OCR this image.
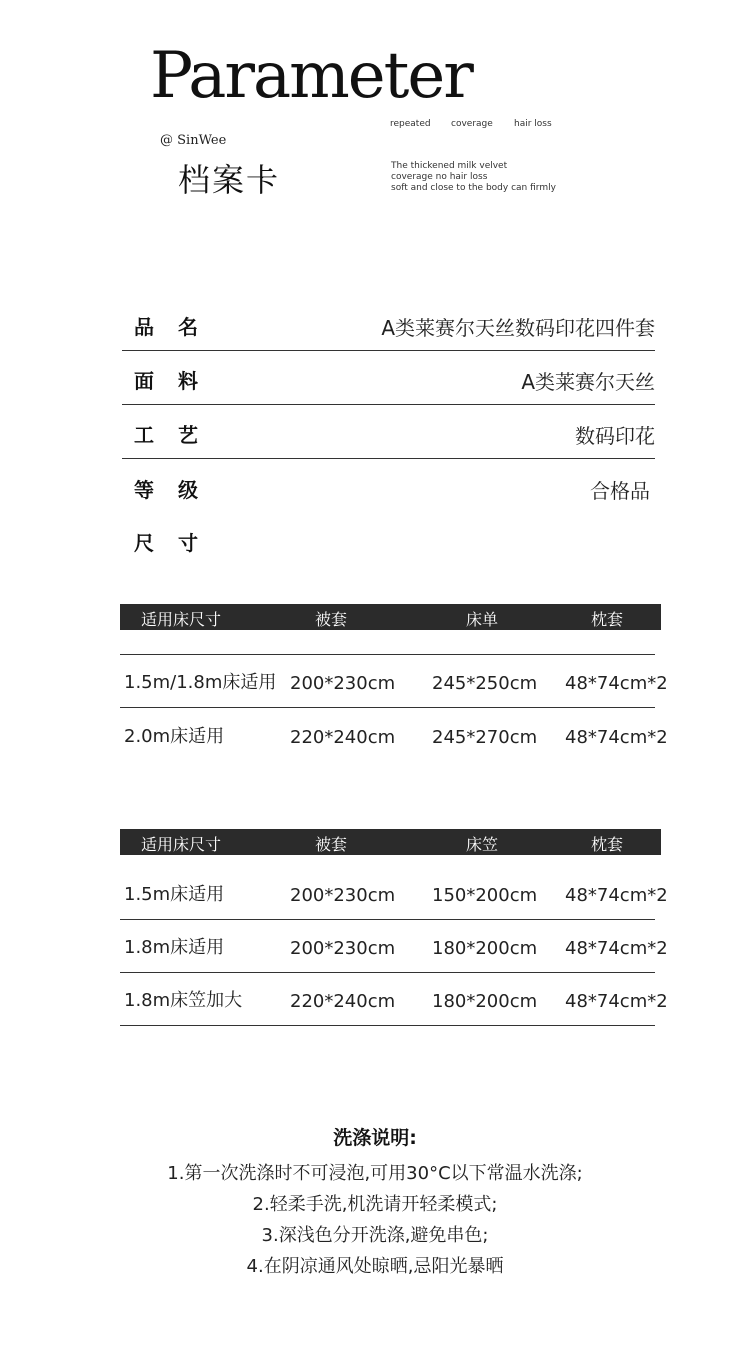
Parameter
repeated coverage hair loss
@ SinWee
档案卡	The thickened milk velvet
coverage no hair loss
soft and close to the body can firmly
品名	A类莱赛尔天丝数码印花四件套
面料	A类莱赛尔天丝
工艺	数码印花
等级	合格品
尺寸
适用床尺寸	被套	床单	枕套
1.5m/1.8m床适用 200*230cm 245*250cm 48*74cm*2
2.0m床适用	220*240cm 245*270cm 48*74cm*2
适用床尺寸	被套	床笠	枕套
1.5m床适用	200*230cm 150*200cm 48*74cm*2
1.8m床适用	200*230cm 180*200cm 48*74cm*2
1.8m床笠加大	220*240cm 180*200cm 48*74cm*2
洗涤说明:

1.第一次洗涤时不可浸泡,可用30°C以下常温水洗涤;

2.轻柔手洗,机洗请开轻柔模式;

3.深浅色分开洗涤,避免串色;

4.在阴凉通风处晾晒,忌阳光暴晒
